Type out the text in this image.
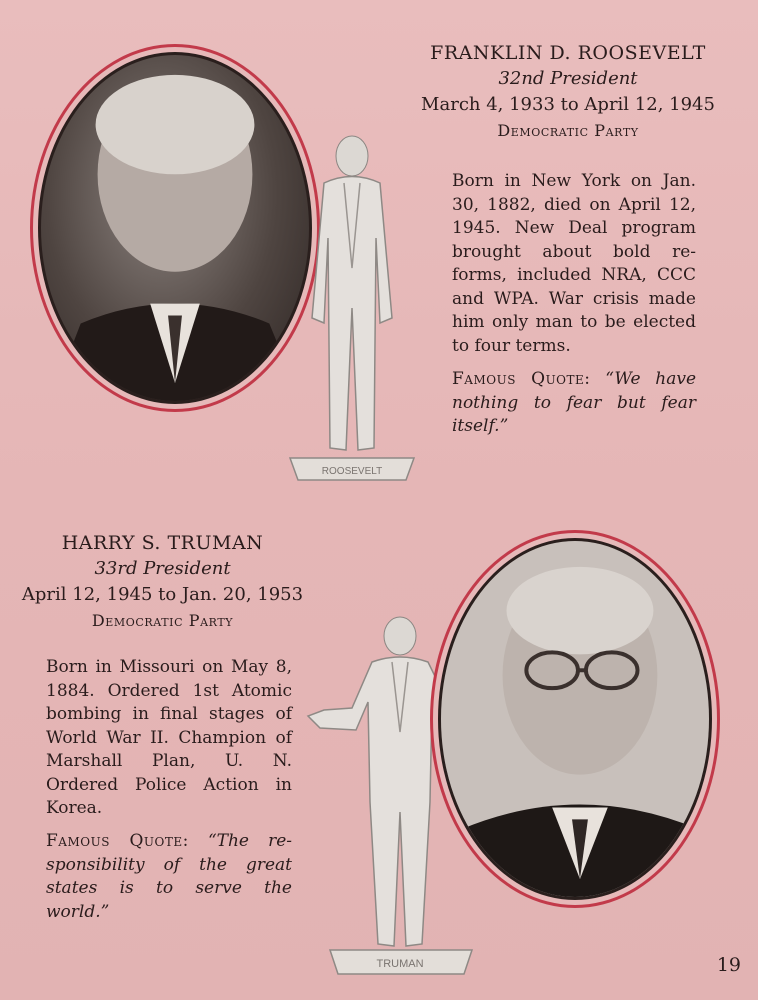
ROOSEVELT
FRANKLIN D. ROOSEVELT
32nd President
March 4, 1933 to April 12, 1945
Democratic Party
Born in New York on Jan. 30, 1882, died on April 12, 1945. New Deal program brought about bold re-forms, included NRA, CCC and WPA. War crisis made him only man to be elected to four terms.
Famous Quote: “We have nothing to fear but fear itself.”
HARRY S. TRUMAN
33rd President
April 12, 1945 to Jan. 20, 1953
Democratic Party
Born in Missouri on May 8, 1884. Ordered 1st Atomic bombing in final stages of World War II. Champion of Marshall Plan, U. N. Ordered Police Action in Korea.
Famous Quote: “The re-sponsibility of the great states is to serve the world.”
TRUMAN	19
